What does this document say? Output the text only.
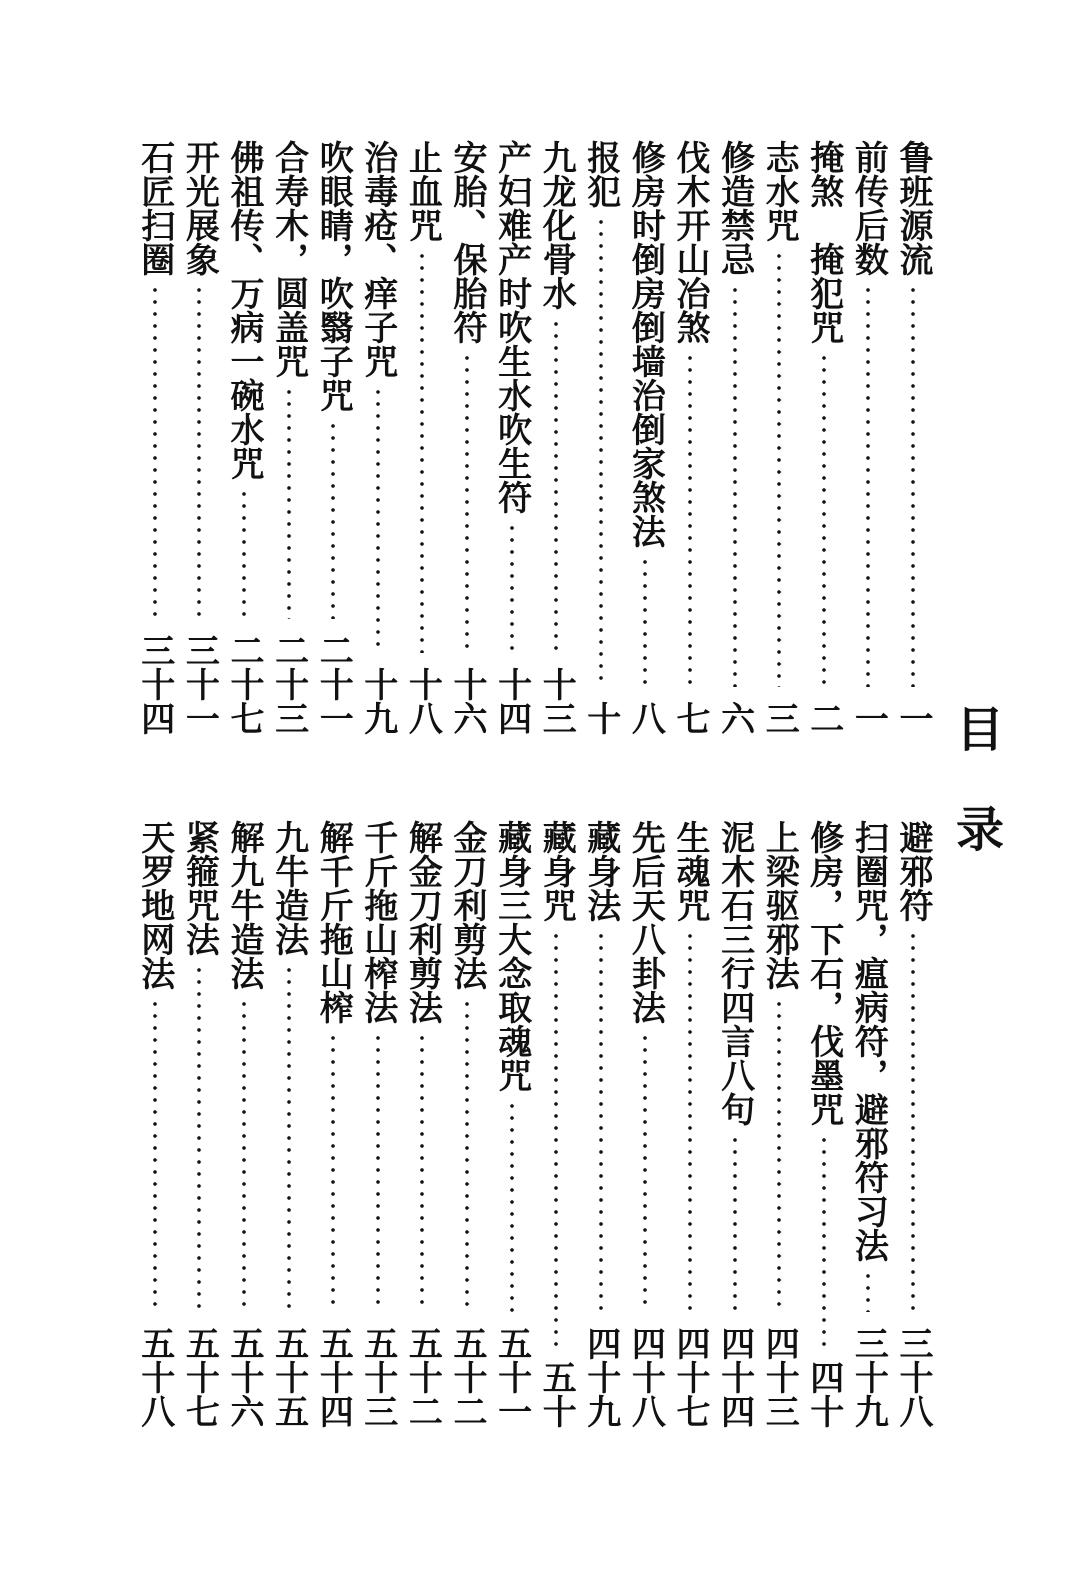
目
录
鲁班源流
一
前传后数
一
掩煞　掩犯咒
二
志水咒
三
修造禁忌
六
伐木开山冶煞
七
修房时倒房倒墙治倒家煞法
八
报犯
十
九龙化骨水
十三
产妇难产时吹生水吹生符
十四
安胎、保胎符
十六
止血咒
十八
治毒疮、痒子咒
十九
吹眼睛，吹翳子咒
二十一
合寿木，圆盖咒
二十三
佛祖传、万病一碗水咒
二十七
开光展象
三十一
石匠扫圈
三十四
避邪符
三十八
扫圈咒，瘟病符，避邪符习法
三十九
修房，下石，伐墨咒
四十
上梁驱邪法
四十三
泥木石三行四言八句
四十四
生魂咒
四十七
先后天八卦法
四十八
藏身法
四十九
藏身咒
五十
藏身三大念取魂咒
五十一
金刀利剪法
五十二
解金刀利剪法
五十二
千斤拖山榨法
五十三
解千斤拖山榨
五十四
九牛造法
五十五
解九牛造法
五十六
紧箍咒法
五十七
天罗地网法
五十八
